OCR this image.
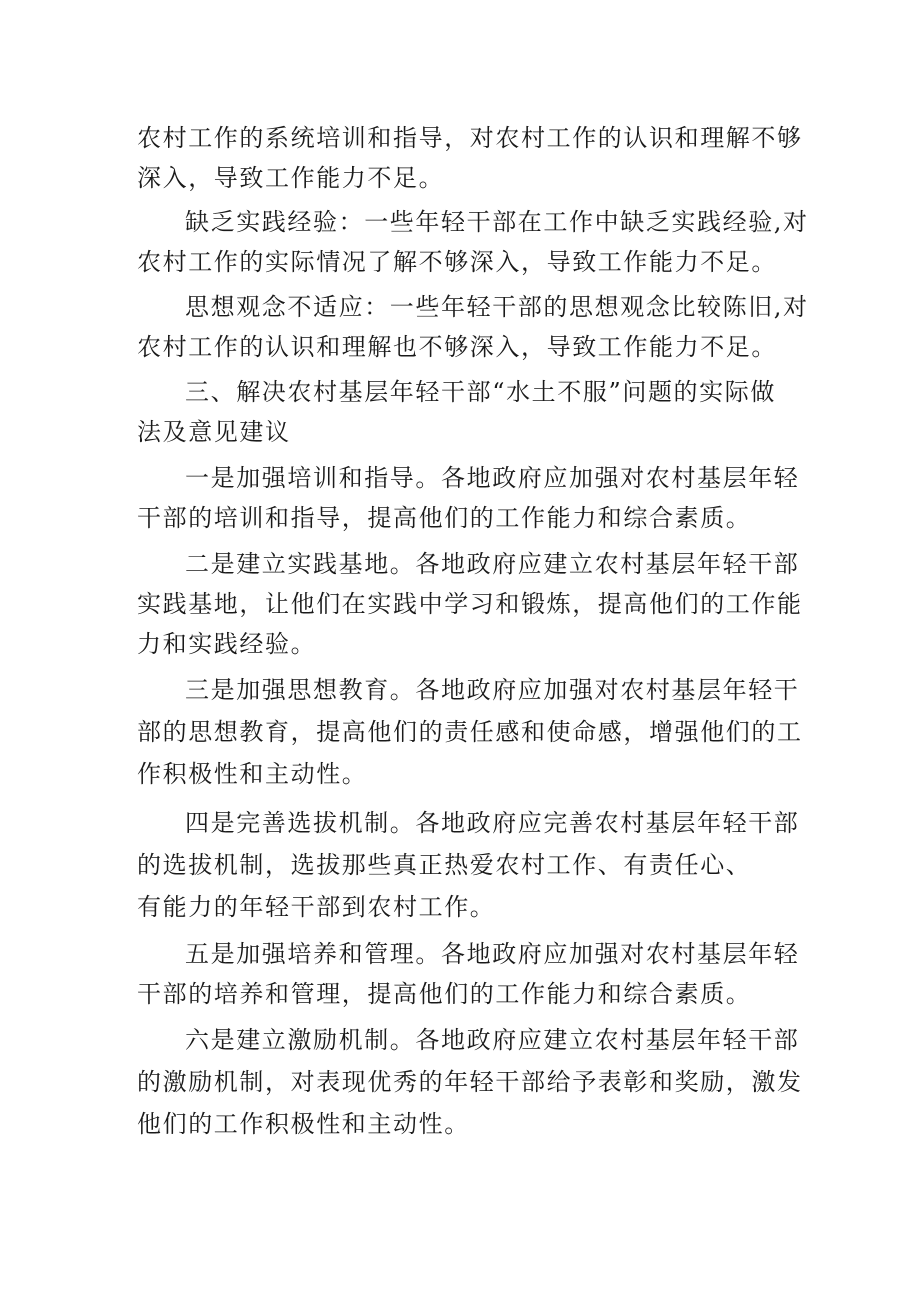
农村工作的系统培训和指导，对农村工作的认识和理解不够
深入，导致工作能力不足。
缺乏实践经验：一些年轻干部在工作中缺乏实践经验,对
农村工作的实际情况了解不够深入，导致工作能力不足。
思想观念不适应：一些年轻干部的思想观念比较陈旧,对
农村工作的认识和理解也不够深入，导致工作能力不足。
三、解决农村基层年轻干部“水土不服”问题的实际做
法及意见建议
一是加强培训和指导。各地政府应加强对农村基层年轻
干部的培训和指导，提高他们的工作能力和综合素质。
二是建立实践基地。各地政府应建立农村基层年轻干部
实践基地，让他们在实践中学习和锻炼，提高他们的工作能
力和实践经验。
三是加强思想教育。各地政府应加强对农村基层年轻干
部的思想教育，提高他们的责任感和使命感，增强他们的工
作积极性和主动性。
四是完善选拔机制。各地政府应完善农村基层年轻干部
的选拔机制，选拔那些真正热爱农村工作、有责任心、
有能力的年轻干部到农村工作。
五是加强培养和管理。各地政府应加强对农村基层年轻
干部的培养和管理，提高他们的工作能力和综合素质。
六是建立激励机制。各地政府应建立农村基层年轻干部
的激励机制，对表现优秀的年轻干部给予表彰和奖励，激发
他们的工作积极性和主动性。
